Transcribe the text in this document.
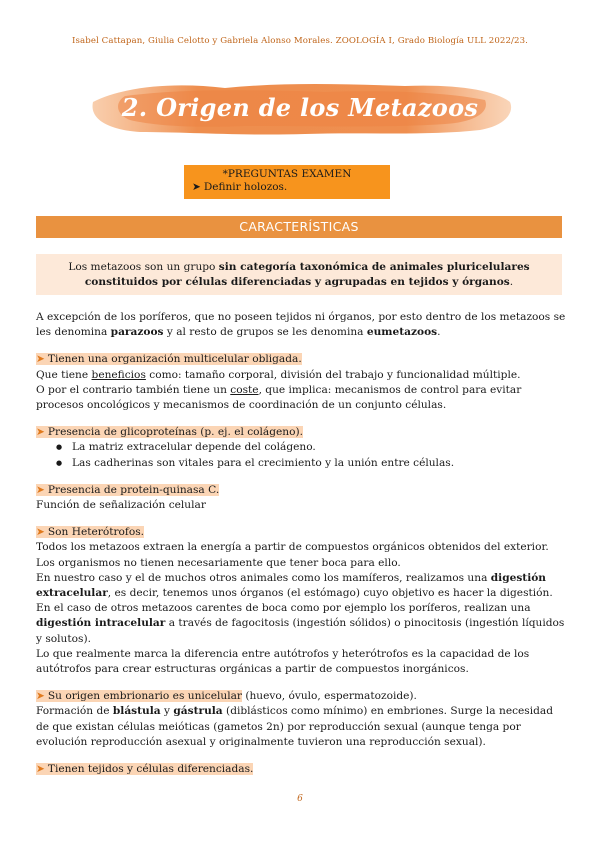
Isabel Cattapan, Giulia Celotto y Gabriela Alonso Morales. ZOOLOGÍA I, Grado Biología ULL 2022/23.
2. Origen de los Metazoos
*PREGUNTAS EXAMEN
➤ Definir holozos.
CARACTERÍSTICAS
Los metazoos son un grupo sin categoría taxonómica de animales pluricelulares constituidos por células diferenciadas y agrupadas en tejidos y órganos.

A excepción de los poríferos, que no poseen tejidos ni órganos, por esto dentro de los metazoos se les denomina parazoos y al resto de grupos se les denomina eumetazoos.

➤ Tienen una organización multicelular obligada.

Que tiene beneficios como: tamaño corporal, división del trabajo y funcionalidad múltiple.

O por el contrario también tiene un coste, que implica: mecanismos de control para evitar procesos oncológicos y mecanismos de coordinación de un conjunto células.

➤ Presencia de glicoproteínas (p. ej. el colágeno).

● La matriz extracelular depende del colágeno.
● Las cadherinas son vitales para el crecimiento y la unión entre células.

➤ Presencia de protein-quinasa C.

Función de señalización celular

➤ Son Heterótrofos.

Todos los metazoos extraen la energía a partir de compuestos orgánicos obtenidos del exterior.

Los organismos no tienen necesariamente que tener boca para ello.

En nuestro caso y el de muchos otros animales como los mamíferos, realizamos una digestión extracelular, es decir, tenemos unos órganos (el estómago) cuyo objetivo es hacer la digestión.

En el caso de otros metazoos carentes de boca como por ejemplo los poríferos, realizan una digestión intracelular a través de fagocitosis (ingestión sólidos) o pinocitosis (ingestión líquidos y solutos).

Lo que realmente marca la diferencia entre autótrofos y heterótrofos es la capacidad de los autótrofos para crear estructuras orgánicas a partir de compuestos inorgánicos.

➤ Su origen embrionario es unicelular (huevo, óvulo, espermatozoide).

Formación de blástula y gástrula (diblásticos como mínimo) en embriones. Surge la necesidad de que existan células meióticas (gametos 2n) por reproducción sexual (aunque tenga por evolución reproducción asexual y originalmente tuvieron una reproducción sexual).

➤ Tienen tejidos y células diferenciadas.

6
